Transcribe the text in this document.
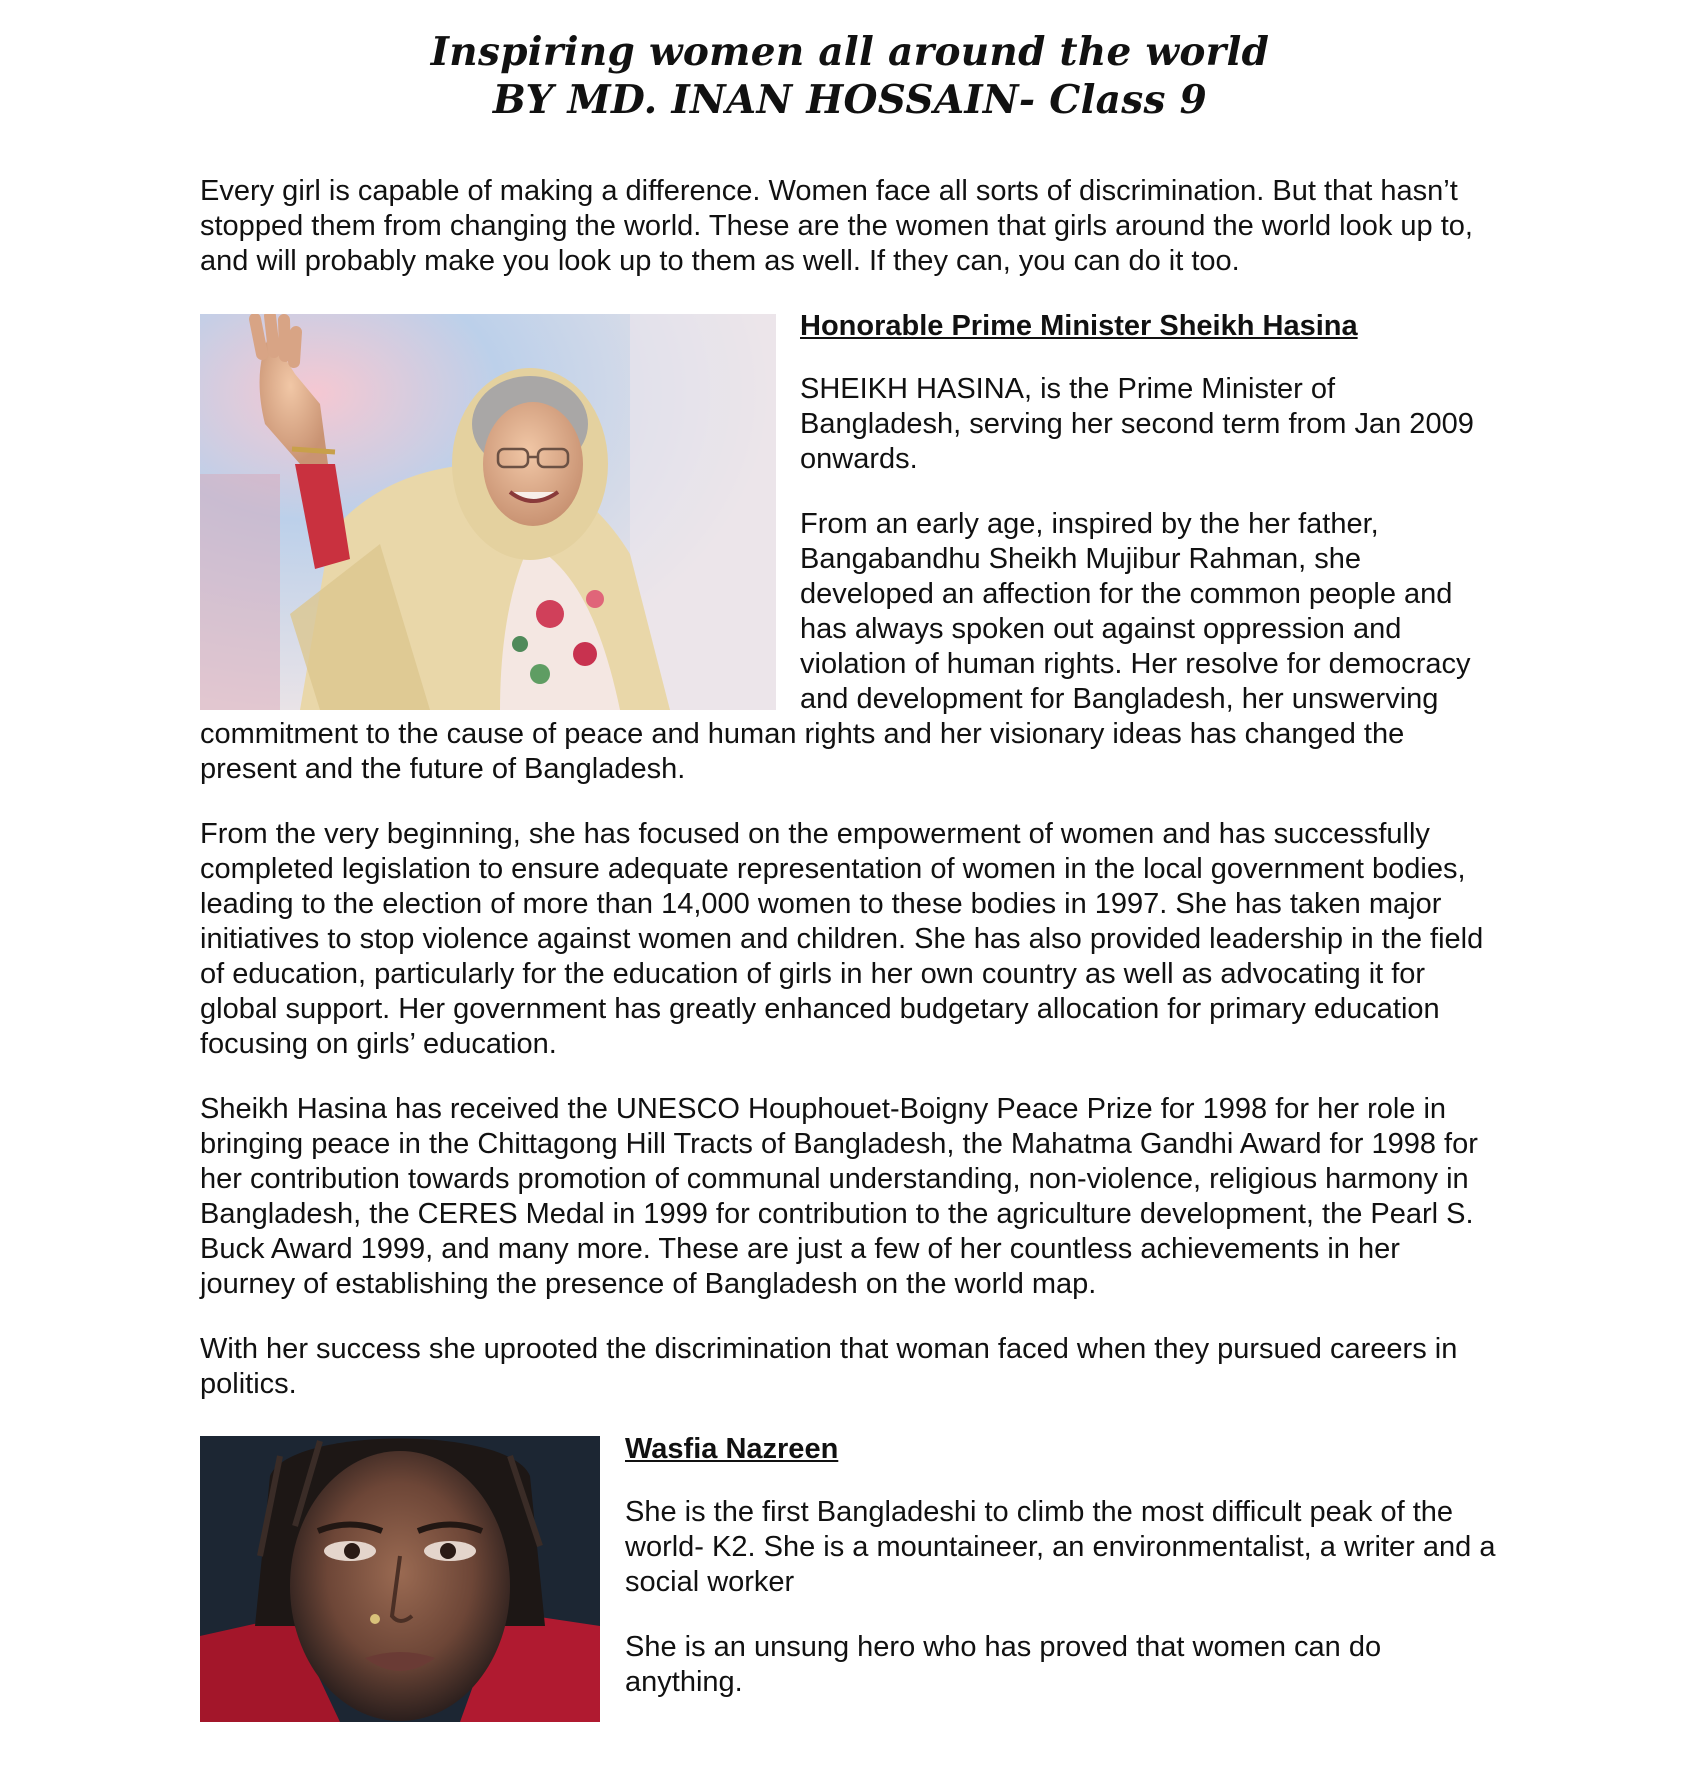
Inspiring women all around the world
BY MD. INAN HOSSAIN- Class 9

Every girl is capable of making a difference. Women face all sorts of discrimination. But that hasn’t stopped them from changing the world. These are the women that girls around the world look up to, and will probably make you look up to them as well. If they can, you can do it too.

Honorable Prime Minister Sheikh Hasina

SHEIKH HASINA, is the Prime Minister of Bangladesh, serving her second term from Jan 2009 onwards.

From an early age, inspired by the her father, Bangabandhu Sheikh Mujibur Rahman, she developed an affection for the common people and has always spoken out against oppression and violation of human rights. Her resolve for democracy and development for Bangladesh, her unswerving commitment to the cause of peace and human rights and her visionary ideas has changed the present and the future of Bangladesh.

From the very beginning, she has focused on the empowerment of women and has successfully completed legislation to ensure adequate representation of women in the local government bodies, leading to the election of more than 14,000 women to these bodies in 1997. She has taken major initiatives to stop violence against women and children. She has also provided leadership in the field of education, particularly for the education of girls in her own country as well as advocating it for global support. Her government has greatly enhanced budgetary allocation for primary education focusing on girls’ education.

Sheikh Hasina has received the UNESCO Houphouet-Boigny Peace Prize for 1998 for her role in bringing peace in the Chittagong Hill Tracts of Bangladesh, the Mahatma Gandhi Award for 1998 for her contribution towards promotion of communal understanding, non-violence, religious harmony in Bangladesh, the CERES Medal in 1999 for contribution to the agriculture development, the Pearl S. Buck Award 1999, and many more. These are just a few of her countless achievements in her journey of establishing the presence of Bangladesh on the world map.

With her success she uprooted the discrimination that woman faced when they pursued careers in politics.

Wasfia Nazreen

She is the first Bangladeshi to climb the most difficult peak of the world- K2. She is a mountaineer, an environmentalist, a writer and a social worker

She is an unsung hero who has proved that women can do anything.
